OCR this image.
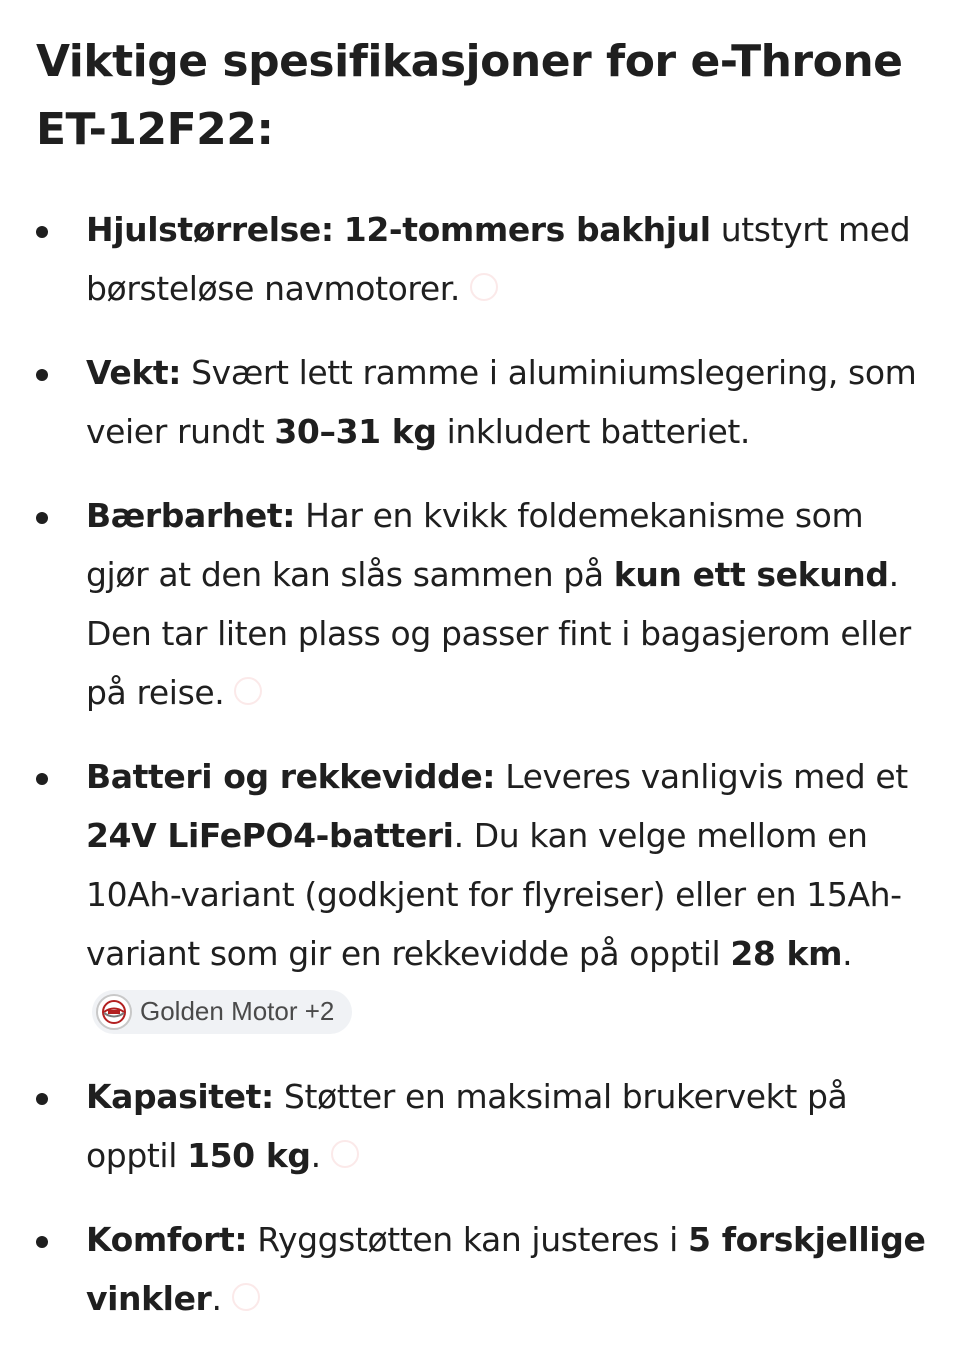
Viktige spesifikasjoner for e-Throne ET-12F22:
Hjulstørrelse: 12-tommers bakhjul utstyrt med børsteløse navmotorer.
Vekt: Svært lett ramme i aluminiumslegering, som veier rundt 30–31 kg inkludert batteriet.
Bærbarhet: Har en kvikk foldemekanisme som gjør at den kan slås sammen på kun ett sekund. Den tar liten plass og passer fint i bagasjerom eller på reise.
Batteri og rekkevidde: Leveres vanligvis med et 24V LiFePO4-batteri. Du kan velge mellom en 10Ah-variant (godkjent for flyreiser) eller en 15Ah-variant som gir en rekkevidde på opptil 28 km.
Golden Motor +2
Kapasitet: Støtter en maksimal brukervekt på opptil 150 kg.
Komfort: Ryggstøtten kan justeres i 5 forskjellige vinkler.
